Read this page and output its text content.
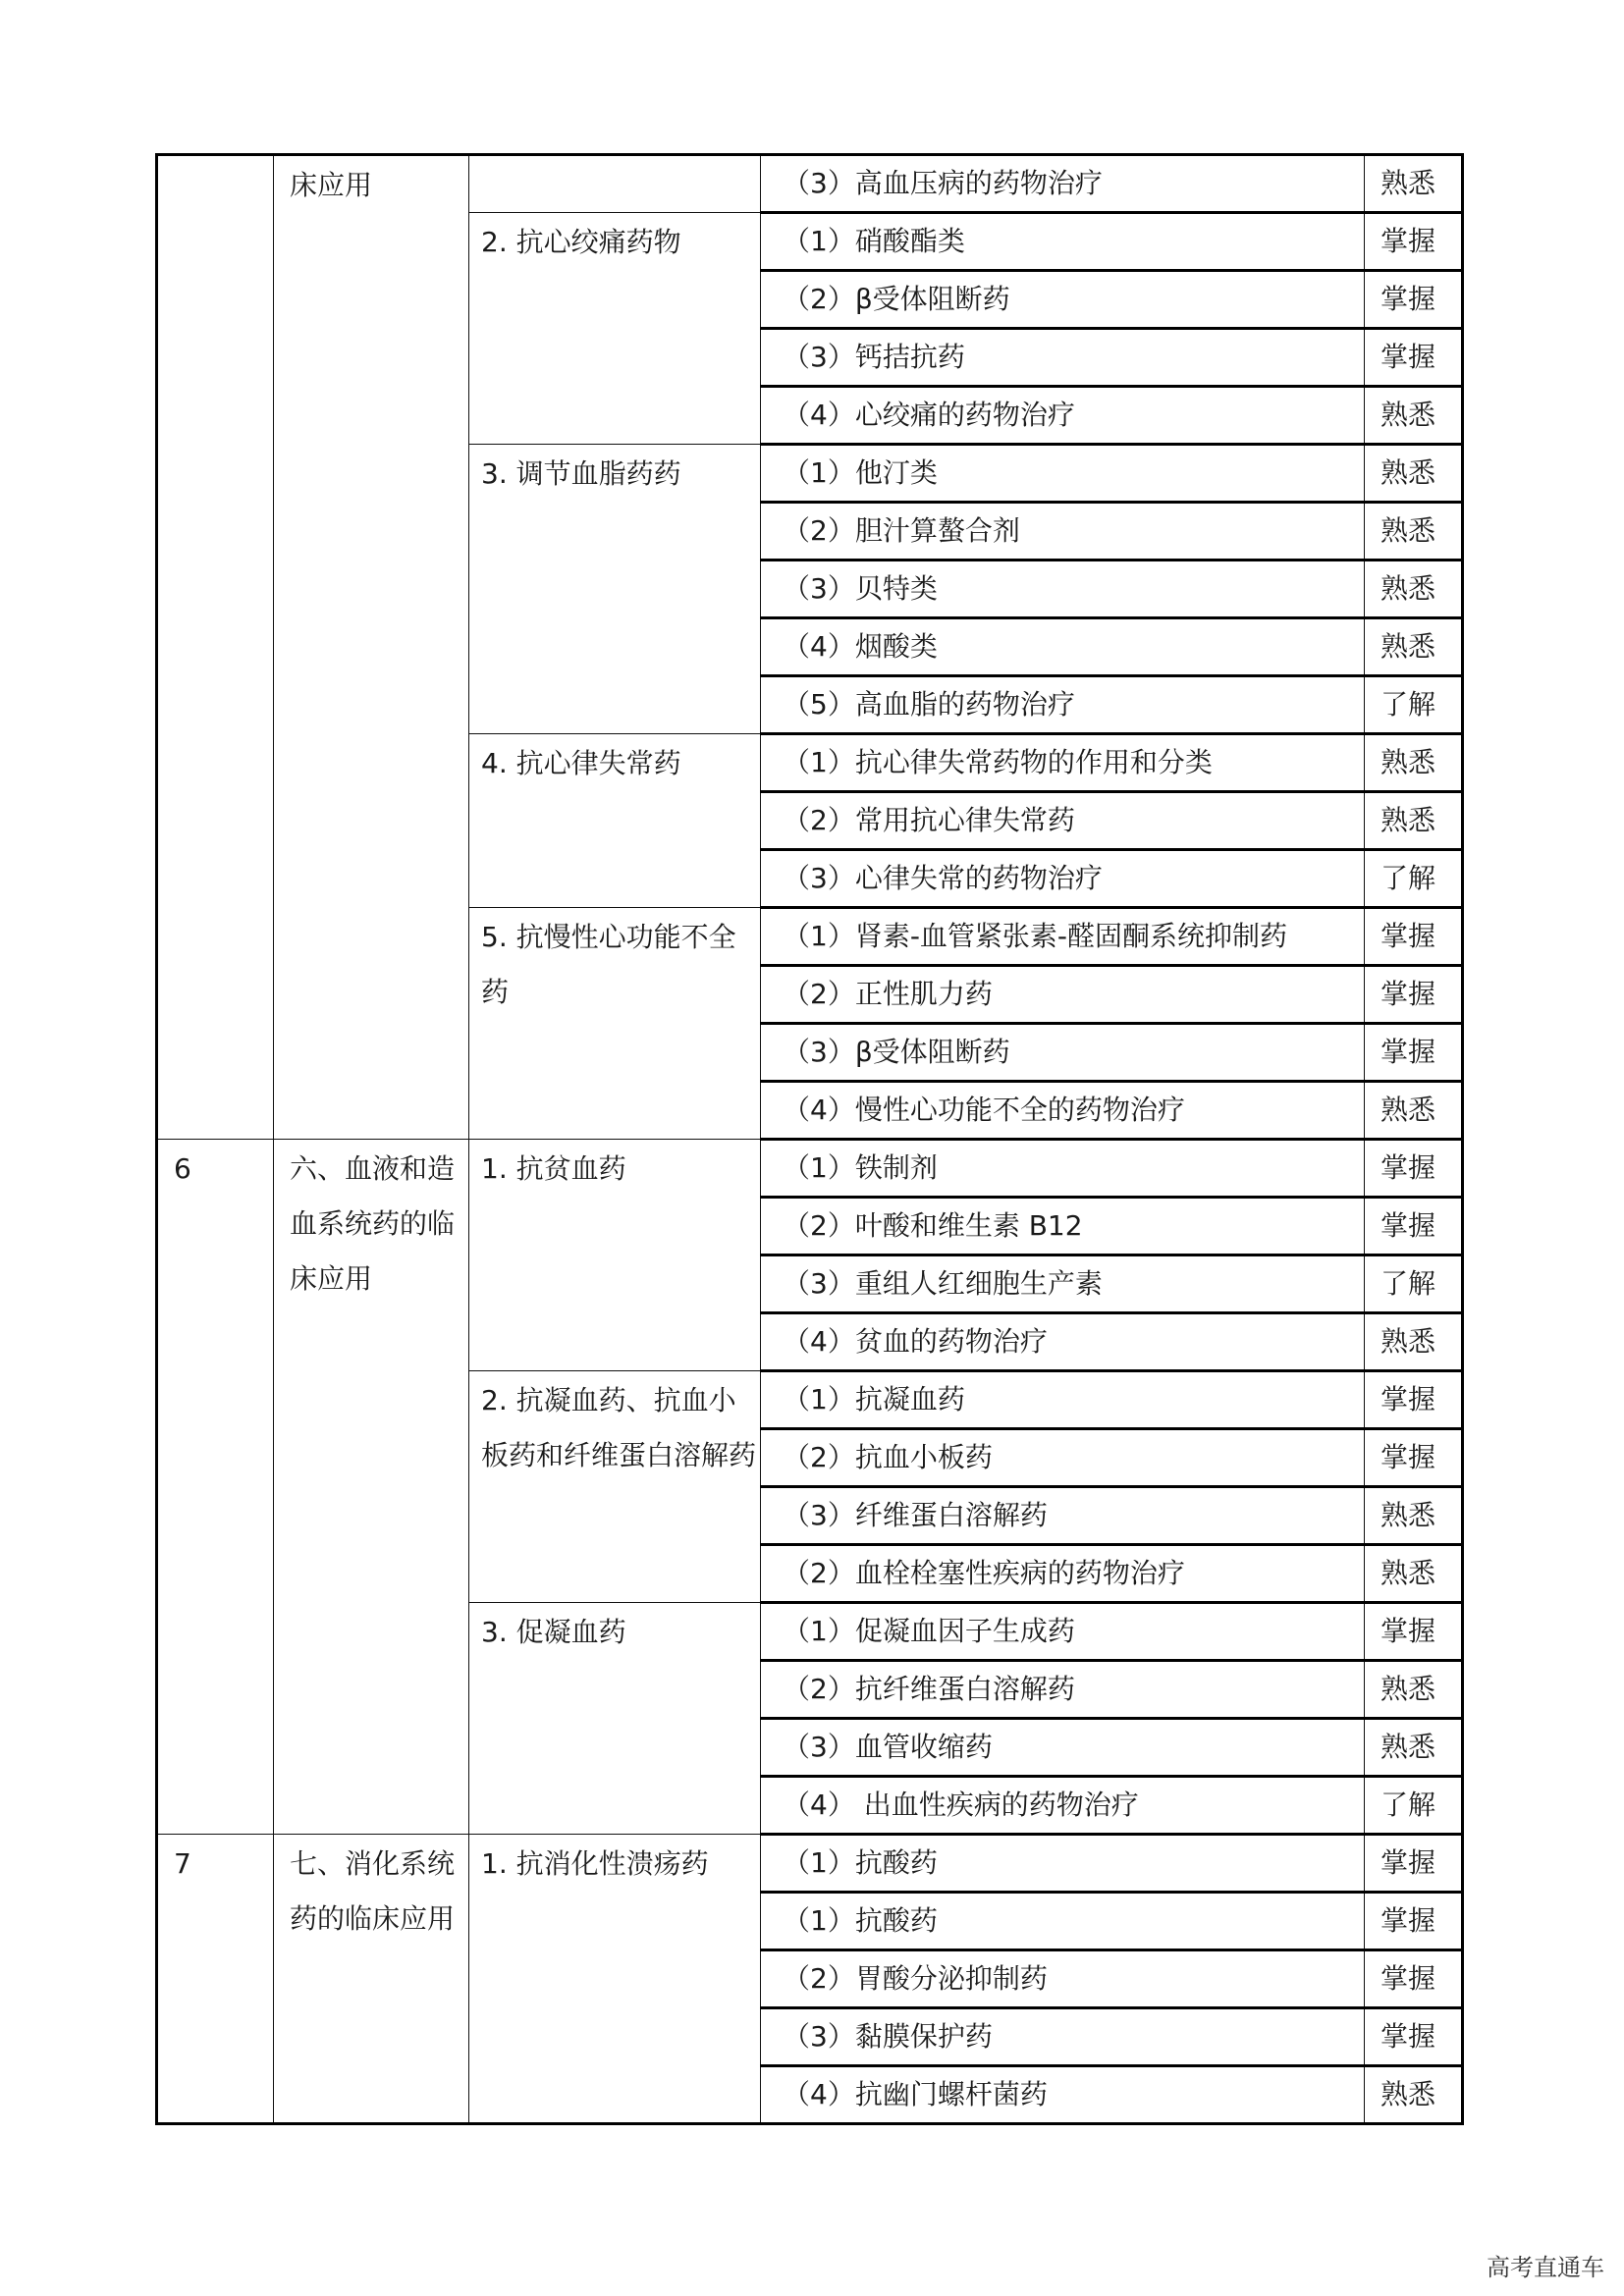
	床应用		（3）高血压病的药物治疗	熟悉
		2. 抗心绞痛药物	（1）硝酸酯类	掌握
			（2）β受体阻断药	掌握
			（3）钙拮抗药	掌握
			（4）心绞痛的药物治疗	熟悉
		3. 调节血脂药药	（1）他汀类	熟悉
			（2）胆汁算螯合剂	熟悉
			（3）贝特类	熟悉
			（4）烟酸类	熟悉
			（5）高血脂的药物治疗	了解
		4. 抗心律失常药	（1）抗心律失常药物的作用和分类	熟悉
			（2）常用抗心律失常药	熟悉
			（3）心律失常的药物治疗	了解
		5. 抗慢性心功能不全药	（1）肾素-血管紧张素-醛固酮系统抑制药	掌握
			（2）正性肌力药	掌握
			（3）β受体阻断药	掌握
			（4）慢性心功能不全的药物治疗	熟悉
6	六、血液和造血系统药的临床应用	1. 抗贫血药	（1）铁制剂	掌握
			（2）叶酸和维生素 B12	掌握
			（3）重组人红细胞生产素	了解
			（4）贫血的药物治疗	熟悉
		2. 抗凝血药、抗血小板药和纤维蛋白溶解药	（1）抗凝血药	掌握
			（2）抗血小板药	掌握
			（3）纤维蛋白溶解药	熟悉
			（2）血栓栓塞性疾病的药物治疗	熟悉
		3. 促凝血药	（1）促凝血因子生成药	掌握
			（2）抗纤维蛋白溶解药	熟悉
			（3）血管收缩药	熟悉
			（4） 出血性疾病的药物治疗	了解
7	七、消化系统药的临床应用	1. 抗消化性溃疡药	（1）抗酸药	掌握
			（1）抗酸药	掌握
			（2）胃酸分泌抑制药	掌握
			（3）黏膜保护药	掌握
			（4）抗幽门螺杆菌药	熟悉
高考直通车
